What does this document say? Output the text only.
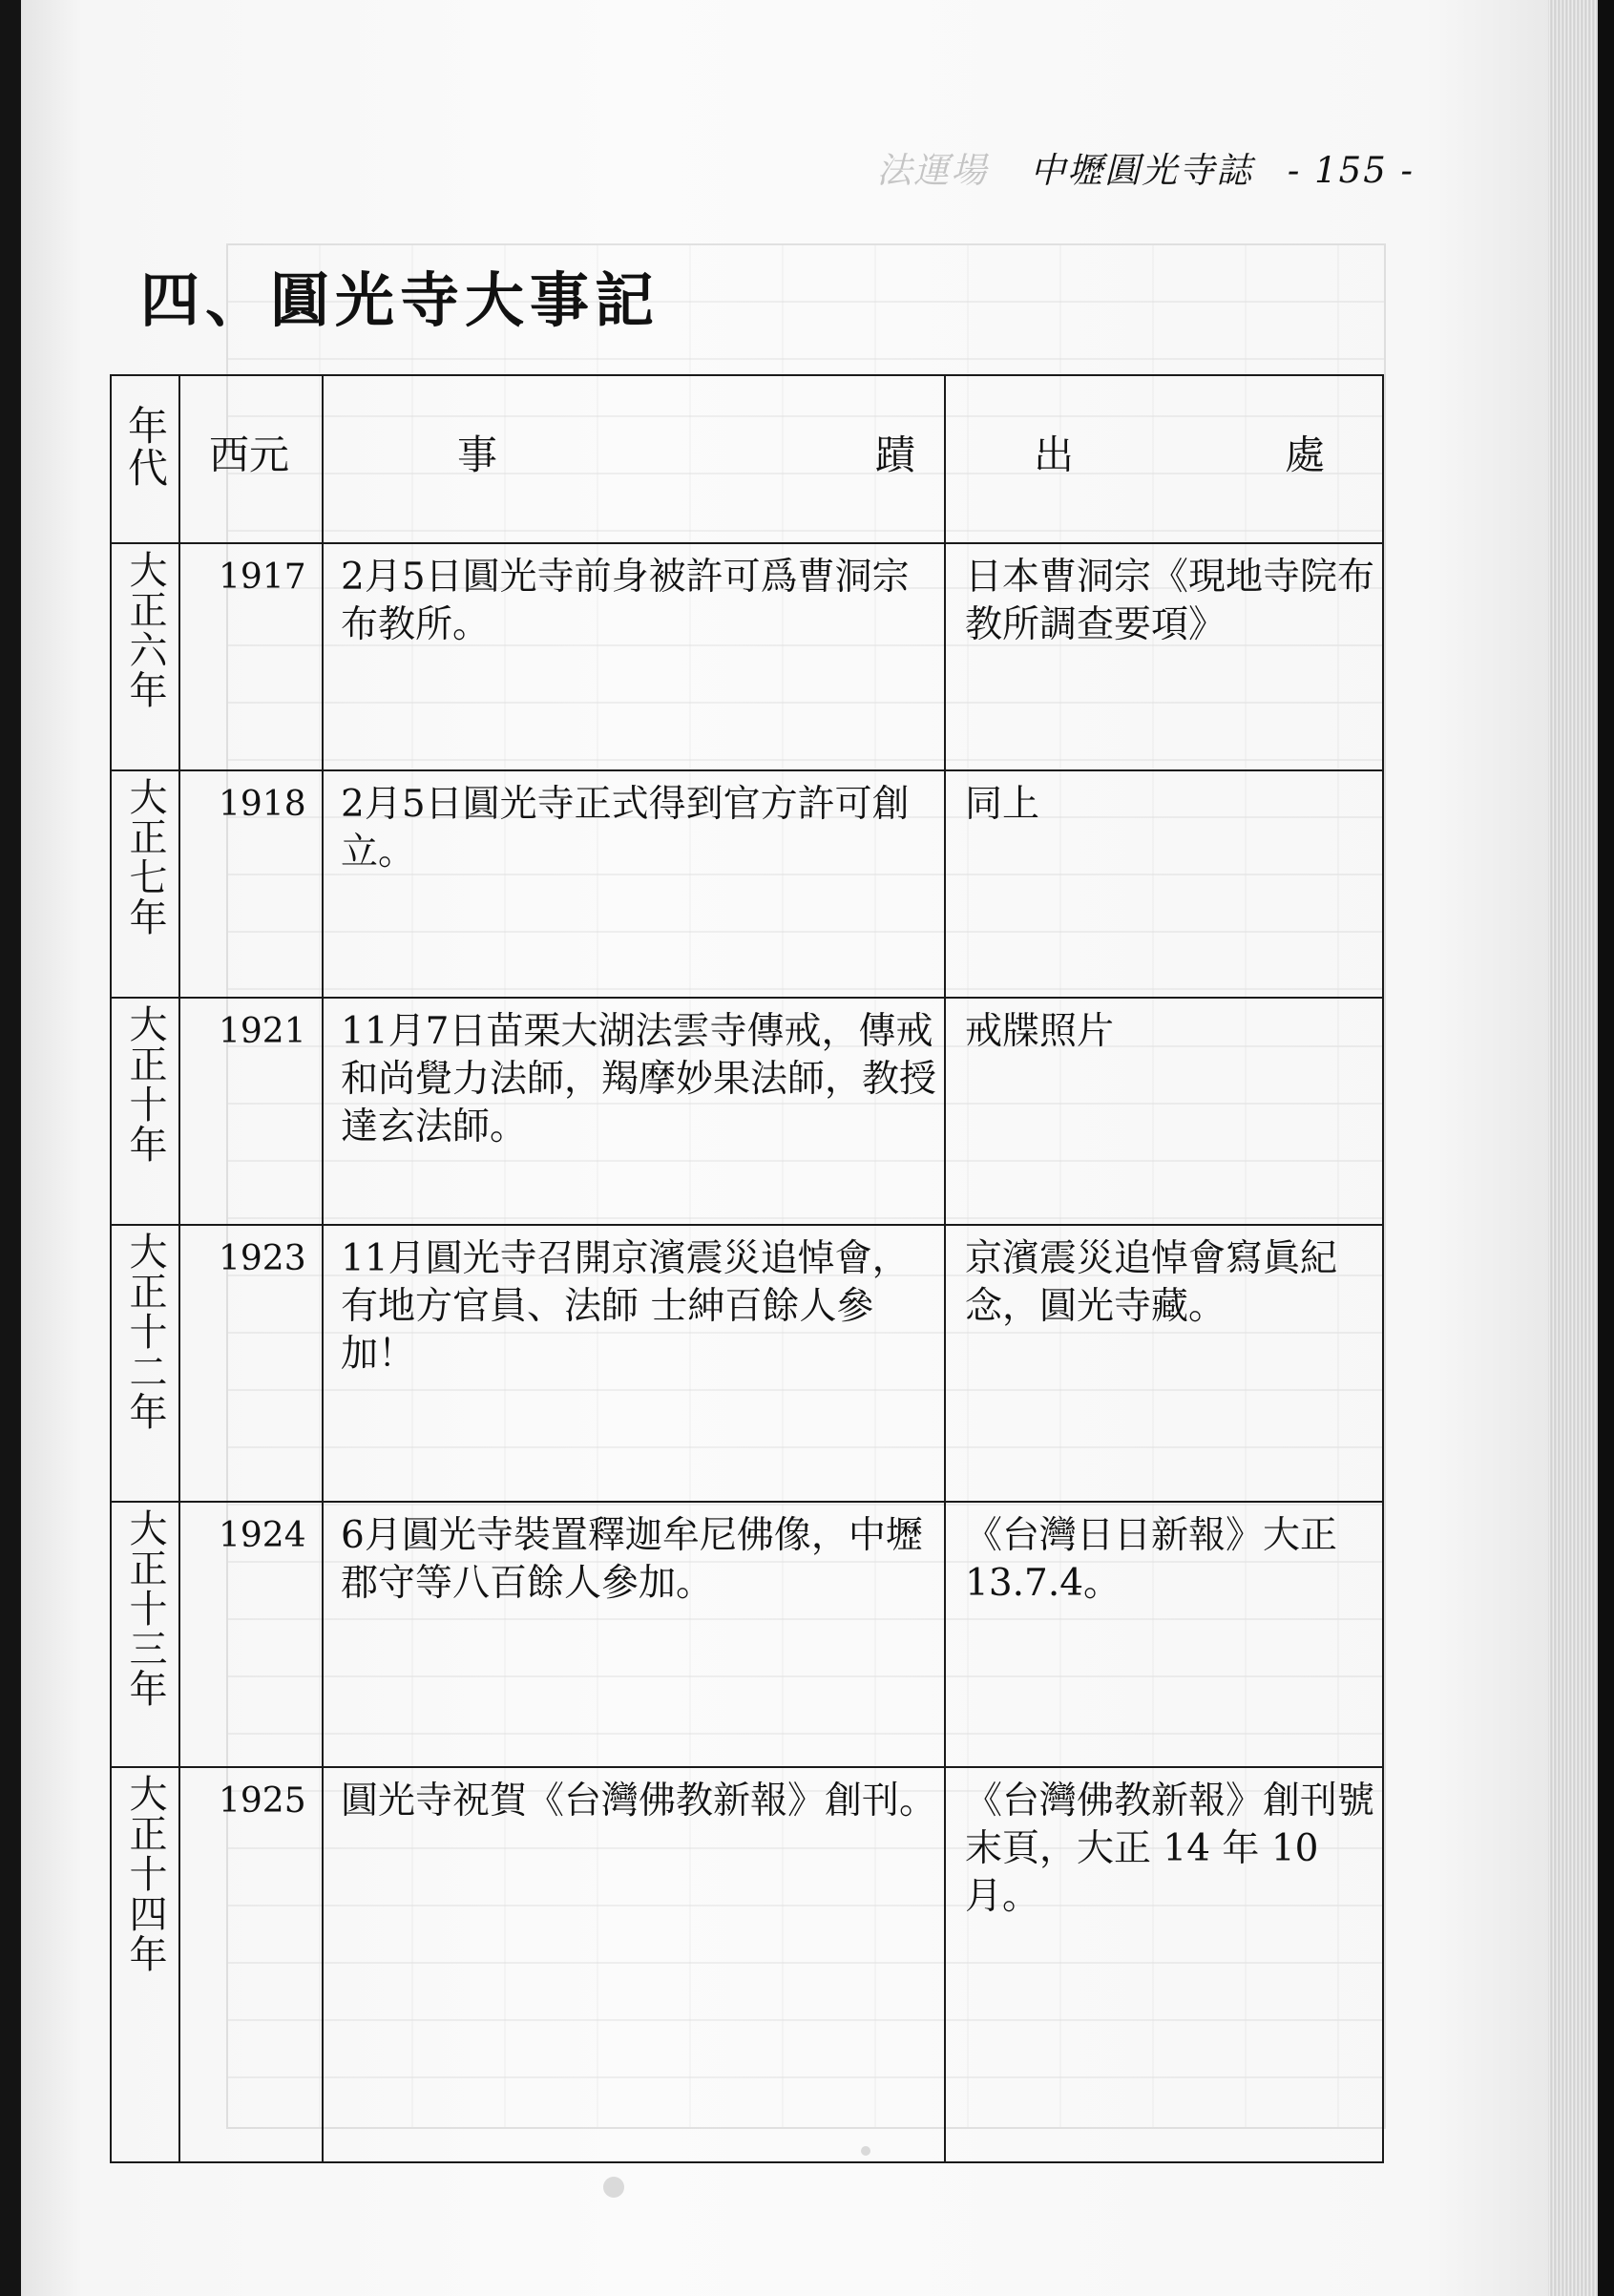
法運場 中壢圓光寺誌 - 155 -
四、圓光寺大事記
年代	西元	事 蹟	出 處

大正六年	1917	2月5日圓光寺前身被許可爲曹洞宗布教所。	日本曹洞宗《現地寺院布教所調查要項》
大正七年	1918	2月5日圓光寺正式得到官方許可創立。	同上
大正十年	1921	11月7日苗栗大湖法雲寺傳戒，傳戒和尚覺力法師，羯摩妙果法師，教授達玄法師。	戒牒照片
大正十二年	1923	11月圓光寺召開京濱震災追悼會，有地方官員、法師 士紳百餘人參加！	京濱震災追悼會寫眞紀念，圓光寺藏。
大正十三年	1924	6月圓光寺裝置釋迦牟尼佛像，中壢郡守等八百餘人參加。	《台灣日日新報》大正 13.7.4。
大正十四年	1925	圓光寺祝賀《台灣佛教新報》創刊。	《台灣佛教新報》創刊號末頁，大正 14 年 10 月。
